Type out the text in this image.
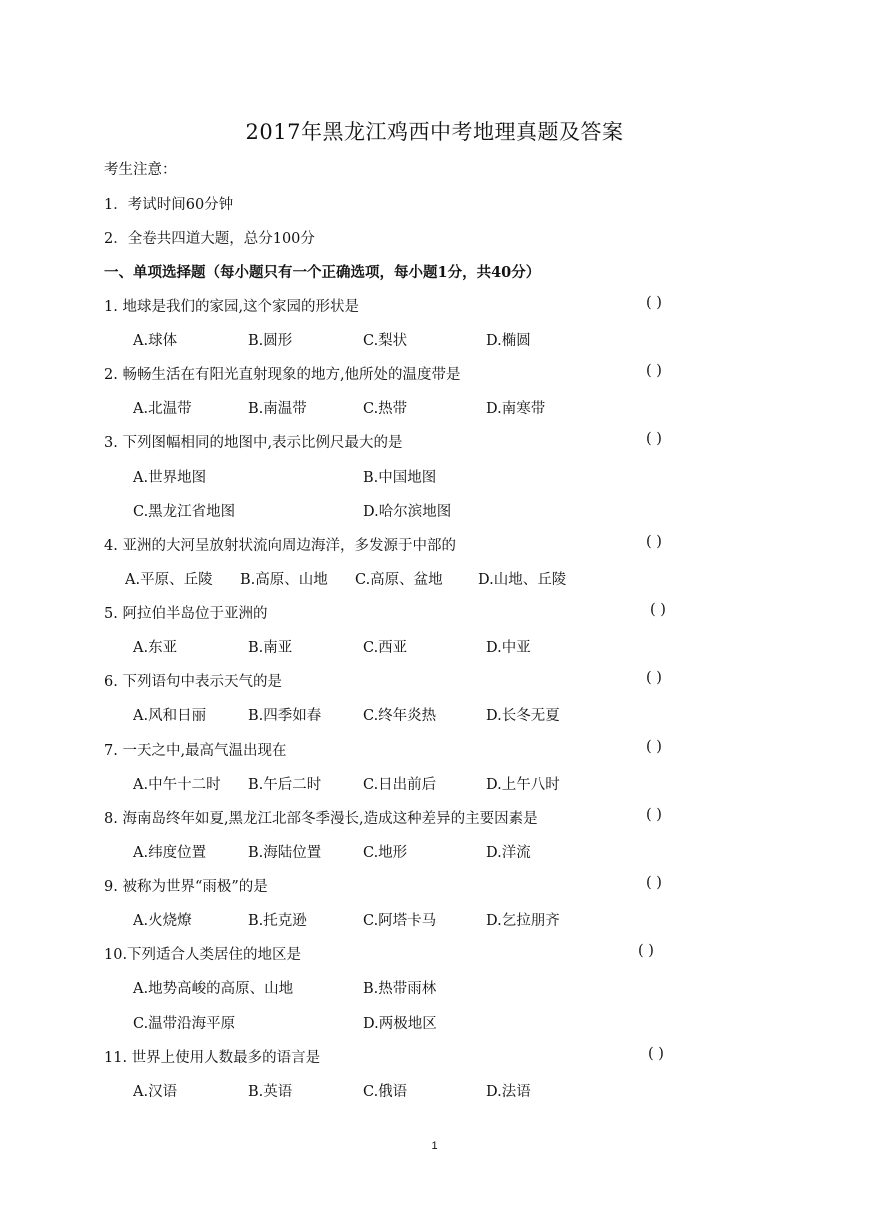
2017年黑龙江鸡西中考地理真题及答案
考生注意：
1．考试时间60分钟
2．全卷共四道大题，总分100分
一、单项选择题（每小题只有一个正确选项，每小题1分，共40分）
1. 地球是我们的家园,这个家园的形状是	( )
A.球体	B.圆形	C.梨状	D.椭圆
2. 畅畅生活在有阳光直射现象的地方,他所处的温度带是	( )
A.北温带	B.南温带	C.热带	D.南寒带
3. 下列图幅相同的地图中,表示比例尺最大的是	( )
A.世界地图	B.中国地图
C.黑龙江省地图	D.哈尔滨地图
4. 亚洲的大河呈放射状流向周边海洋，多发源于中部的	( )
A.平原、丘陵 B.高原、山地 C.高原、盆地 D.山地、丘陵
5. 阿拉伯半岛位于亚洲的	( )
A.东亚	B.南亚	C.西亚	D.中亚
6. 下列语句中表示天气的是	( )
A.风和日丽	B.四季如春	C.终年炎热	D.长冬无夏
7. 一天之中,最高气温出现在	( )
A.中午十二时 B.午后二时	C.日出前后	D.上午八时
8. 海南岛终年如夏,黑龙江北部冬季漫长,造成这种差异的主要因素是	( )
A.纬度位置	B.海陆位置	C.地形	D.洋流
9. 被称为世界“雨极”的是	( )
A.火烧燎	B.托克逊	C.阿塔卡马	D.乞拉朋齐
10.下列适合人类居住的地区是	( )
A.地势高峻的高原、山地	B.热带雨林
C.温带沿海平原	D.两极地区
11. 世界上使用人数最多的语言是	( )
A.汉语	B.英语	C.俄语	D.法语
1
